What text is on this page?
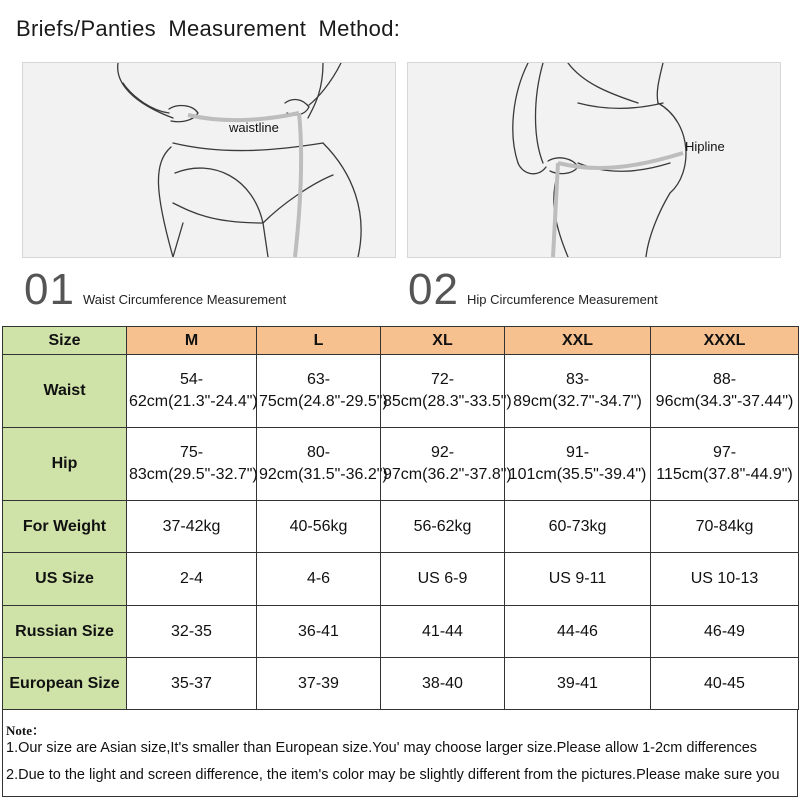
Briefs/Panties Measurement Method:
waistline
Hipline
01 Waist Circumference Measurement	02 Hip Circumference Measurement
Size	M	L	XL	XXL	XXXL
Waist	54-62cm(21.3"-24.4")	63-75cm(24.8"-29.5")	72-85cm(28.3"-33.5")	83-89cm(32.7"-34.7")	88-96cm(34.3"-37.44")
Hip	75-83cm(29.5"-32.7")	80-92cm(31.5"-36.2")	92-97cm(36.2"-37.8")	91-101cm(35.5"-39.4")	97-115cm(37.8"-44.9")
For Weight	37-42kg	40-56kg	56-62kg	60-73kg	70-84kg
US Size	2-4	4-6	US 6-9	US 9-11	US 10-13
Russian Size	32-35	36-41	41-44	44-46	46-49
European Size	35-37	37-39	38-40	39-41	40-45
Note：
1.Our size are Asian size,It's smaller than European size.You' may choose larger size.Please allow 1-2cm differences
2.Due to the light and screen difference, the item's color may be slightly different from the pictures.Please make sure you
